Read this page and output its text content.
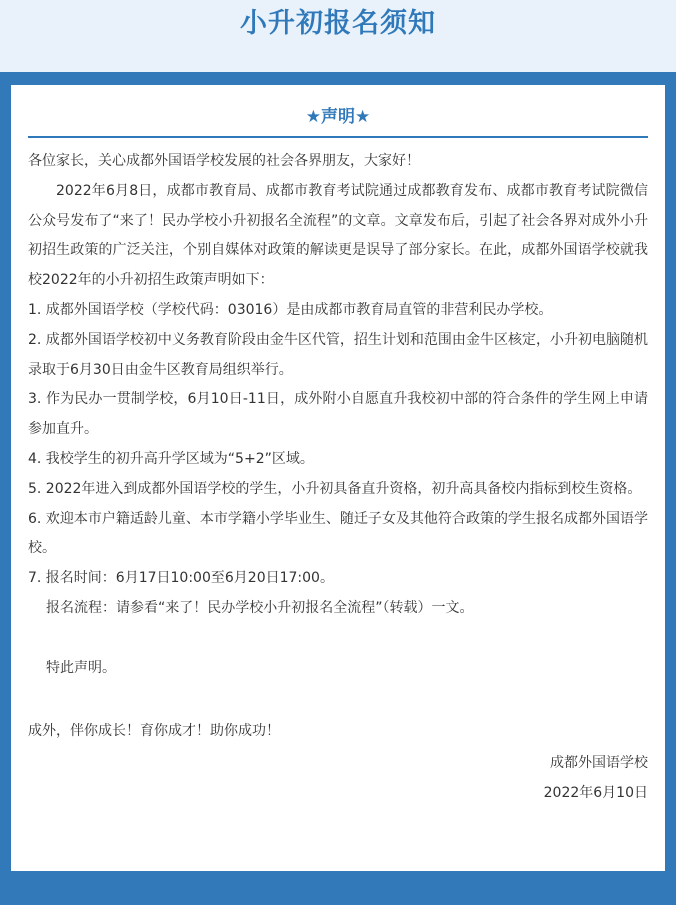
小升初报名须知
★声明★

各位家长，关心成都外国语学校发展的社会各界朋友，大家好！

2022年6月8日，成都市教育局、成都市教育考试院通过成都教育发布、成都市教育考试院微信公众号发布了“来了！民办学校小升初报名全流程”的文章。文章发布后，引起了社会各界对成外小升初招生政策的广泛关注，个别自媒体对政策的解读更是误导了部分家长。在此，成都外国语学校就我校2022年的小升初招生政策声明如下：

1. 成都外国语学校（学校代码：03016）是由成都市教育局直管的非营利民办学校。

2. 成都外国语学校初中义务教育阶段由金牛区代管，招生计划和范围由金牛区核定，小升初电脑随机录取于6月30日由金牛区教育局组织举行。

3. 作为民办一贯制学校，6月10日-11日，成外附小自愿直升我校初中部的符合条件的学生网上申请参加直升。

4. 我校学生的初升高升学区域为“5+2”区域。

5. 2022年进入到成都外国语学校的学生，小升初具备直升资格，初升高具备校内指标到校生资格。

6. 欢迎本市户籍适龄儿童、本市学籍小学毕业生、随迁子女及其他符合政策的学生报名成都外国语学校。

7. 报名时间：6月17日10:00至6月20日17:00。

报名流程：请参看“来了！民办学校小升初报名全流程”（转载）一文。

特此声明。

成外，伴你成长！育你成才！助你成功！

成都外国语学校

2022年6月10日
